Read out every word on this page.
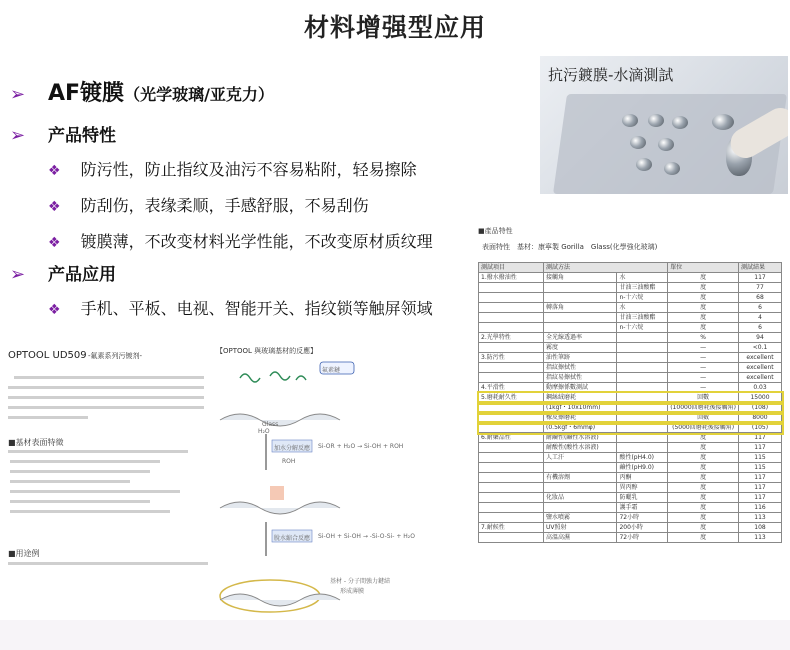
材料增强型应用
➢ AF镀膜（光学玻璃/亚克力）
➢ 产品特性
❖ 防污性，防止指纹及油污不容易粘附，轻易擦除
❖ 防刮伤，表缘柔顺，手感舒服，不易刮伤
❖ 镀膜薄，不改变材料光学性能，不改变原材质纹理
➢ 产品应用
❖ 手机、平板、电视、智能开关、指纹锁等触屏领域
抗污鍍膜-水滴測試
OPTOOL UD509 -氟素系列污镀剂-
■基材表面特徵
■用途例
【OPTOOL 與玻璃基材的反應】
氟素鏈
Glass
H₂O
加水分解反應 Si-OR + H₂O → Si-OH + ROH
ROH
脫水縮合反應 Si-OH + Si-OH → -Si-O-Si- + H₂O
基材 - 分子間強力鍵結
形成薄膜
■產品特性
表面特性　基材：康寧製 Gorilla　Glass(化學強化玻璃)
測試項目	測試方法		單位	測試結果
1.撥水撥油性	接觸角	水	度	117
		甘油三油酸酯	度	77
		n-十六烷	度	68
	轉落角	水	度	6
		甘油三油酸酯	度	4
		n-十六烷	度	6
2.光學特性	全光線透過率		%	94
	霧度		—	<0.1
3.防污性	油性筆跡		—	excellent
	指紋擦拭性		—	excellent
	指紋易擦拭性		—	excellent
4.平滑性	動摩擦係數測試		—	0.03
5.磨耗耐久性	鋼絲絨磨耗		回數	15000
	(1kgf・10x10mm)		(10000回磨耗後接觸角)	(108)
	橡皮擦磨耗		回數	8000
	(0.5kgf・6mmφ)		(5000回磨耗後接觸角)	(105)
6.耐藥品性	耐鹼性(鹼性水溶液)		度	117
	耐酸性(酸性水溶液)		度	117
	人工汗	酸性(pH4.0)	度	115
		鹼性(pH9.0)	度	115
	有機溶劑	丙酮	度	117
		異丙醇	度	117
	化妝品	防曬乳	度	117
		護手霜	度	116
	鹽水噴霧	72小時	度	113
7.耐候性	UV照射	200小時	度	108
	高溫高濕	72小時	度	113
